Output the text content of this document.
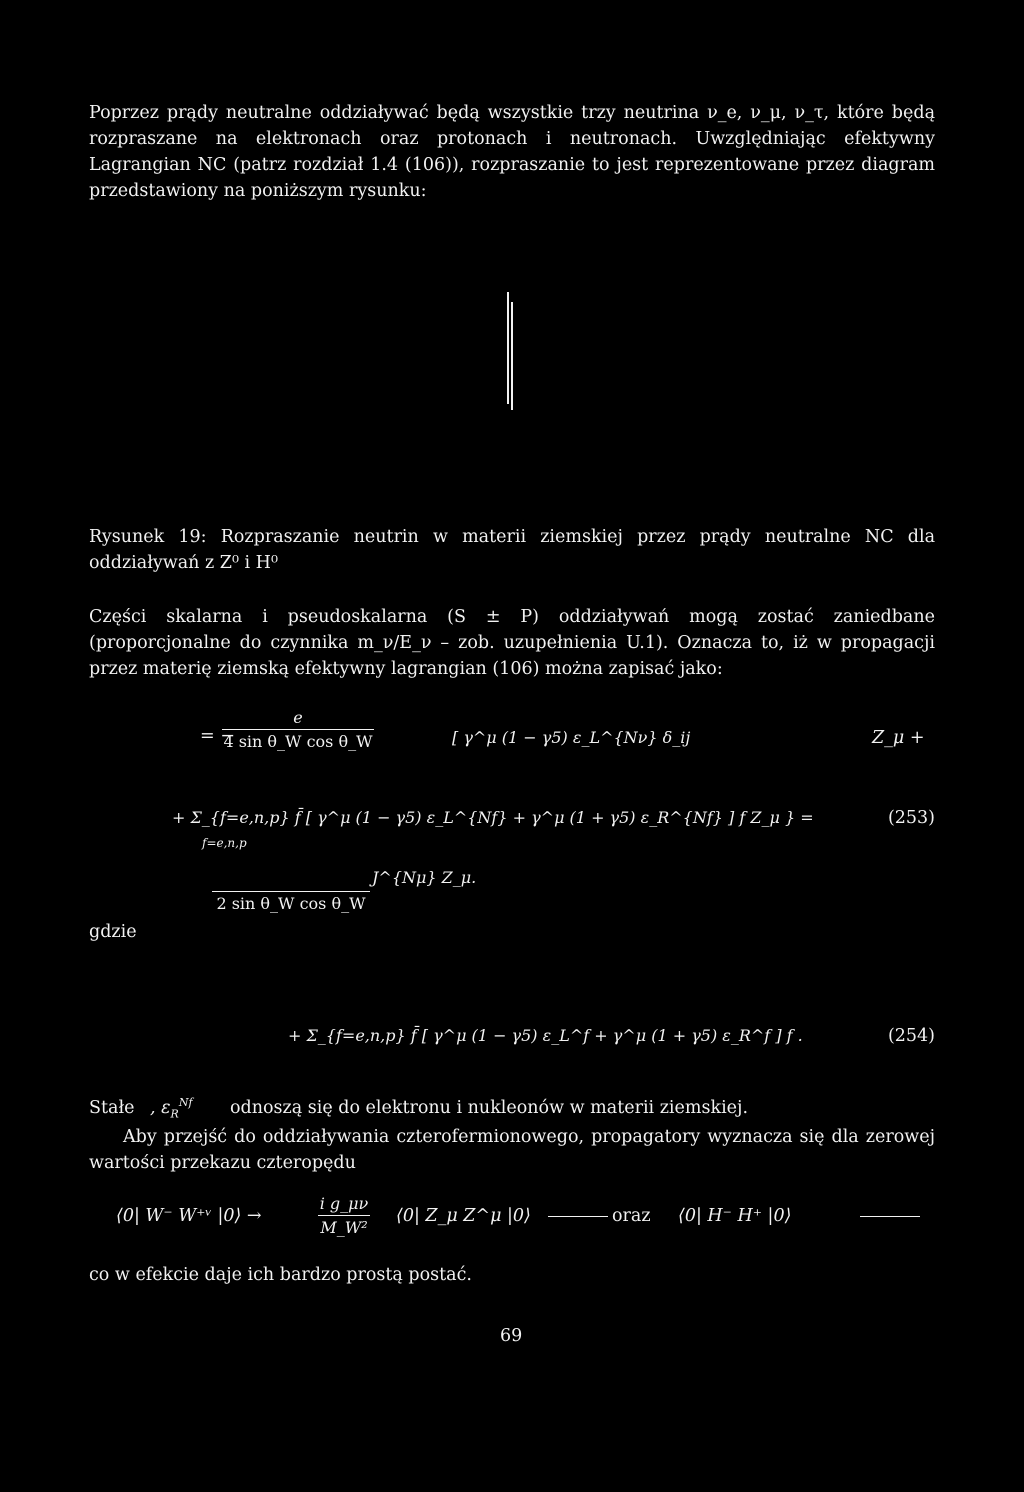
Poprzez prądy neutralne oddziaływać będą wszystkie trzy neutrina ν_e, ν_μ, ν_τ, które będą rozpraszane na elektronach oraz protonach i neutronach. Uwzględniając efektywny Lagrangian NC (patrz rozdział 1.4 (106)), rozpraszanie to jest reprezentowane przez diagram przedstawiony na poniższym rysunku:

Rysunek 19: Rozpraszanie neutrin w materii ziemskiej przez prądy neutralne NC dla oddziaływań z Z⁰ i H⁰

Części skalarna i pseudoskalarna (S ± P) oddziaływań mogą zostać zaniedbane (proporcjonalne do czynnika m_ν/E_ν – zob. uzupełnienia U.1). Oznacza to, iż w propagacji przez materię ziemską efektywny lagrangian (106) można zapisać jako:

= −
$\frac{e}{\text{4 sin θ\_W cos θ\_W}}$	[ γ^μ (1 − γ5) ε_L^{Nν} δ_ij	Z_μ +
+ Σ_{f=e,n,p} f̄ [ γ^μ (1 − γ5) ε_L^{Nf} + γ^μ (1 + γ5) ε_R^{Nf} ] f Z_μ } =
f=e,n,p

2 sin θ_W cos θ_W
J^{Nμ} Z_μ.
(253)
gdzie
+ Σ_{f=e,n,p} f̄ [ γ^μ (1 − γ5) ε_L^f + γ^μ (1 + γ5) ε_R^f ] f .	(254)
Stałe , $\varepsilon_R^{Nf}$ odnoszą się do elektronu i nukleonów w materii ziemskiej.

Aby przejść do oddziaływania czterofermionowego, propagatory wyznacza się dla zerowej wartości przekazu czteropędu

⟨0| W⁻ W⁺ᵛ |0⟩ →	$\frac{\text{i g\_μν}}{\text{M\_W²}}$ ⟨0| Z_μ Z^μ |0⟩	oraz ⟨0| H⁻ H⁺ |0⟩

co w efekcie daje ich bardzo prostą postać.

69
